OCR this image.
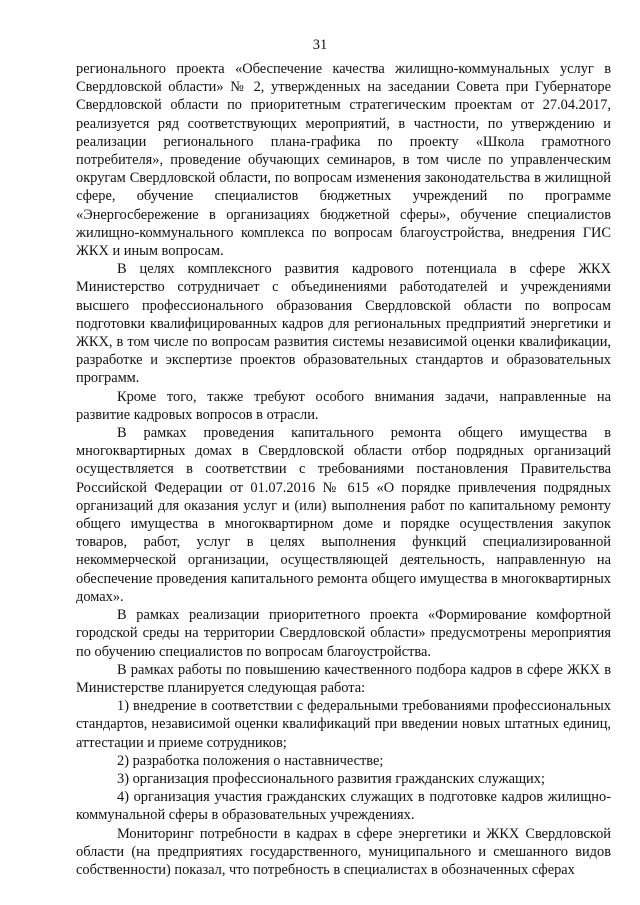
31

регионального проекта «Обеспечение качества жилищно-коммунальных услуг в Свердловской области» № 2, утвержденных на заседании Совета при Губернаторе Свердловской области по приоритетным стратегическим проектам от 27.04.2017, реализуется ряд соответствующих мероприятий, в частности, по утверждению и реализации регионального плана-графика по проекту «Школа грамотного потребителя», проведение обучающих семинаров, в том числе по управленческим округам Свердловской области, по вопросам изменения законодательства в жилищной сфере, обучение специалистов бюджетных учреждений по программе «Энергосбережение в организациях бюджетной сферы», обучение специалистов жилищно-коммунального комплекса по вопросам благоустройства, внедрения ГИС ЖКХ и иным вопросам.

В целях комплексного развития кадрового потенциала в сфере ЖКХ Министерство сотрудничает с объединениями работодателей и учреждениями высшего профессионального образования Свердловской области по вопросам подготовки квалифицированных кадров для региональных предприятий энергетики и ЖКХ, в том числе по вопросам развития системы независимой оценки квалификации, разработке и экспертизе проектов образовательных стандартов и образовательных программ.

Кроме того, также требуют особого внимания задачи, направленные на развитие кадровых вопросов в отрасли.

В рамках проведения капитального ремонта общего имущества в многоквартирных домах в Свердловской области отбор подрядных организаций осуществляется в соответствии с требованиями постановления Правительства Российской Федерации от 01.07.2016 № 615 «О порядке привлечения подрядных организаций для оказания услуг и (или) выполнения работ по капитальному ремонту общего имущества в многоквартирном доме и порядке осуществления закупок товаров, работ, услуг в целях выполнения функций специализированной некоммерческой организации, осуществляющей деятельность, направленную на обеспечение проведения капитального ремонта общего имущества в многоквартирных домах».

В рамках реализации приоритетного проекта «Формирование комфортной городской среды на территории Свердловской области» предусмотрены мероприятия по обучению специалистов по вопросам благоустройства.

В рамках работы по повышению качественного подбора кадров в сфере ЖКХ в Министерстве планируется следующая работа:

1) внедрение в соответствии с федеральными требованиями профессиональных стандартов, независимой оценки квалификаций при введении новых штатных единиц, аттестации и приеме сотрудников;

2) разработка положения о наставничестве;

3) организация профессионального развития гражданских служащих;

4) организация участия гражданских служащих в подготовке кадров жилищно-коммунальной сферы в образовательных учреждениях.

Мониторинг потребности в кадрах в сфере энергетики и ЖКХ Свердловской области (на предприятиях государственного, муниципального и смешанного видов собственности) показал, что потребность в специалистах в обозначенных сферах
